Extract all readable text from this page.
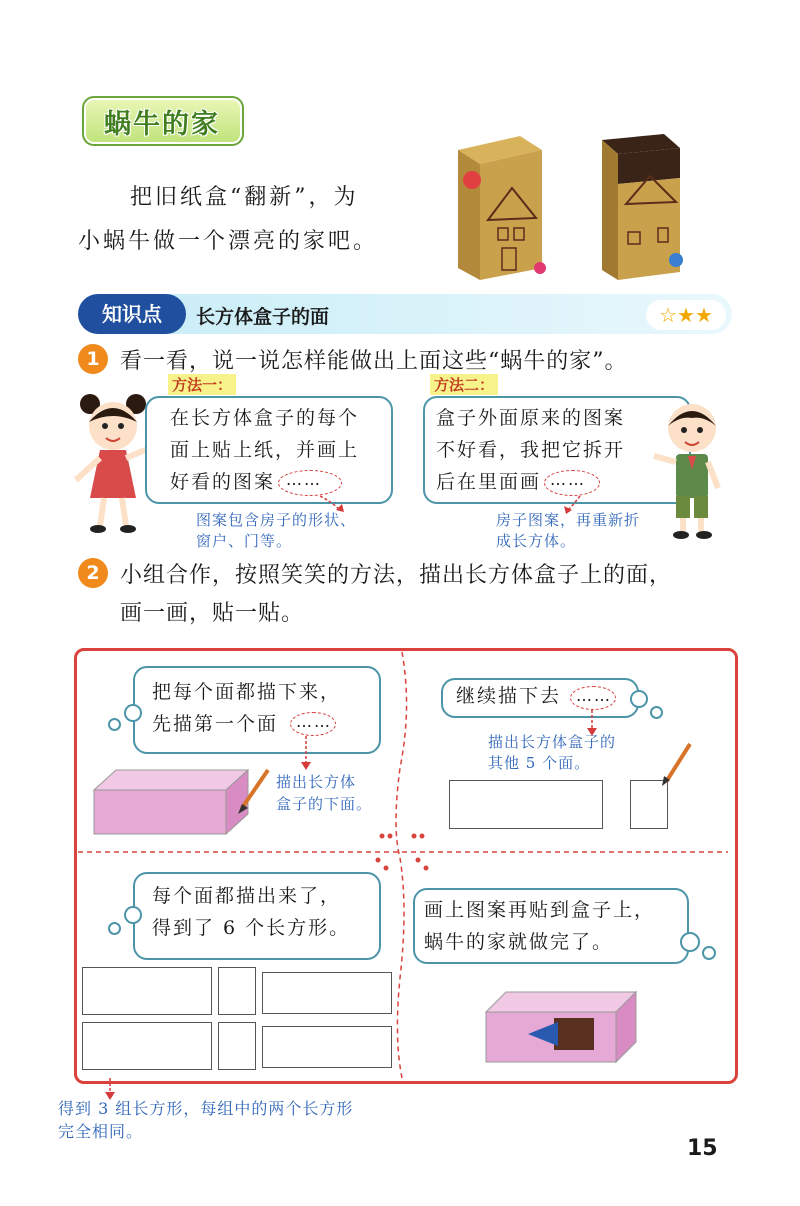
蜗牛的家
把旧纸盒“翻新”，为
小蜗牛做一个漂亮的家吧。
知识点	长方体盒子的面	☆★★
1 看一看，说一说怎样能做出上面这些“蜗牛的家”。
方法一：	方法二：
在长方体盒子的每个
面上贴上纸，并画上
好看的图案 ……
图案包含房子的形状、
窗户、门等。
盒子外面原来的图案
不好看，我把它拆开
后在里面画 ……
房子图案，再重新折
成长方体。
2 小组合作，按照笑笑的方法，描出长方体盒子上的面，
画一画，贴一贴。
把每个面都描下来，
先描第一个面 ……
描出长方体
盒子的下面。
继续描下去 ……
描出长方体盒子的
其他 5 个面。
每个面都描出来了，
得到了 6 个长方形。
画上图案再贴到盒子上，
蜗牛的家就做完了。
得到 3 组长方形，每组中的两个长方形
完全相同。
15
